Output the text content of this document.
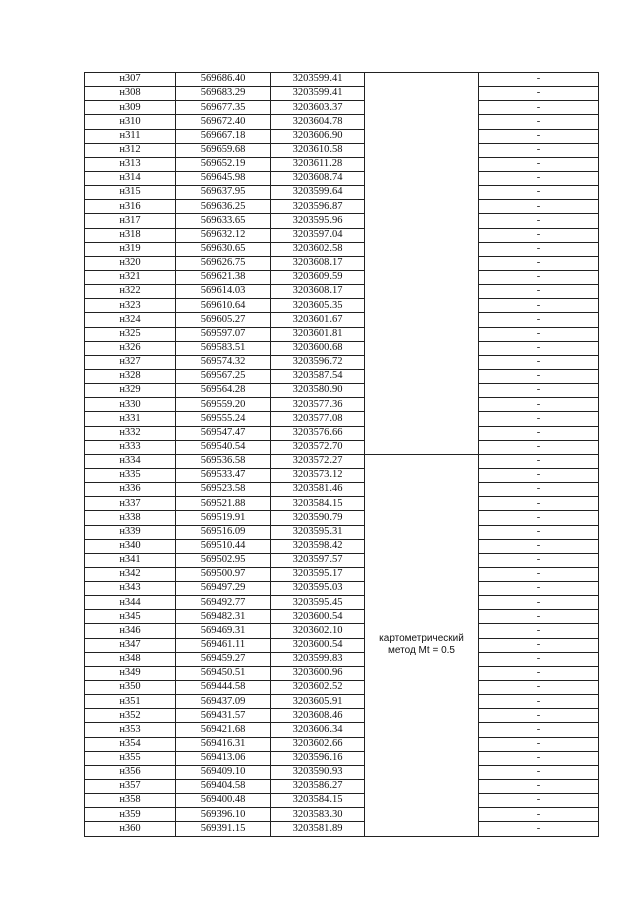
н307	569686.40	3203599.41		-
н308	569683.29	3203599.41		-
н309	569677.35	3203603.37		-
н310	569672.40	3203604.78		-
н311	569667.18	3203606.90		-
н312	569659.68	3203610.58		-
н313	569652.19	3203611.28		-
н314	569645.98	3203608.74		-
н315	569637.95	3203599.64		-
н316	569636.25	3203596.87		-
н317	569633.65	3203595.96		-
н318	569632.12	3203597.04		-
н319	569630.65	3203602.58		-
н320	569626.75	3203608.17		-
н321	569621.38	3203609.59		-
н322	569614.03	3203608.17		-
н323	569610.64	3203605.35		-
н324	569605.27	3203601.67		-
н325	569597.07	3203601.81		-
н326	569583.51	3203600.68		-
н327	569574.32	3203596.72		-
н328	569567.25	3203587.54		-
н329	569564.28	3203580.90		-
н330	569559.20	3203577.36		-
н331	569555.24	3203577.08		-
н332	569547.47	3203576.66		-
н333	569540.54	3203572.70		-
н334	569536.58	3203572.27	картометрический
метод Mt = 0.5	-
н335	569533.47	3203573.12		-
н336	569523.58	3203581.46		-
н337	569521.88	3203584.15		-
н338	569519.91	3203590.79		-
н339	569516.09	3203595.31		-
н340	569510.44	3203598.42		-
н341	569502.95	3203597.57		-
н342	569500.97	3203595.17		-
н343	569497.29	3203595.03		-
н344	569492.77	3203595.45		-
н345	569482.31	3203600.54		-
н346	569469.31	3203602.10		-
н347	569461.11	3203600.54		-
н348	569459.27	3203599.83		-
н349	569450.51	3203600.96		-
н350	569444.58	3203602.52		-
н351	569437.09	3203605.91		-
н352	569431.57	3203608.46		-
н353	569421.68	3203606.34		-
н354	569416.31	3203602.66		-
н355	569413.06	3203596.16		-
н356	569409.10	3203590.93		-
н357	569404.58	3203586.27		-
н358	569400.48	3203584.15		-
н359	569396.10	3203583.30		-
н360	569391.15	3203581.89		-
